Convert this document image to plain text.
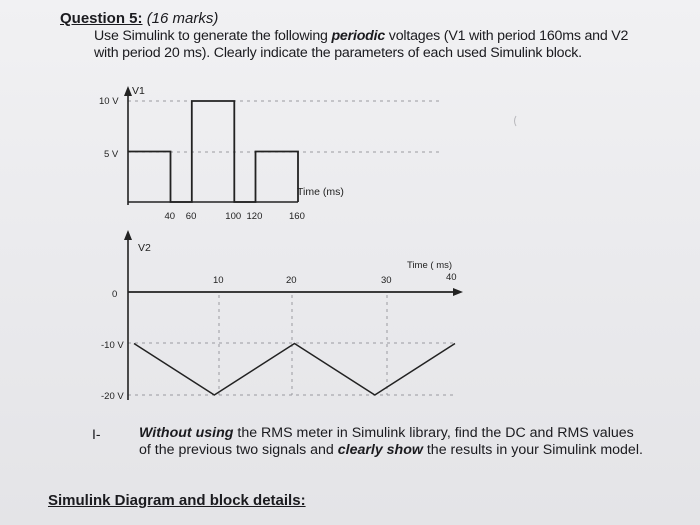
Question 5: (16 marks)
Use Simulink to generate the following periodic voltages (V1 with period 160ms and V2 with period 20 ms). Clearly indicate the parameters of each used Simulink block.
V1
10 V
5 V
Time (ms)
40 60	100 120	160
V2
0
-10 V
-20 V
Time ( ms)
10	20	30	40
I-	Without using the RMS meter in Simulink library, find the DC and RMS values of the previous two signals and clearly show the results in your Simulink model.
Simulink Diagram and block details:
